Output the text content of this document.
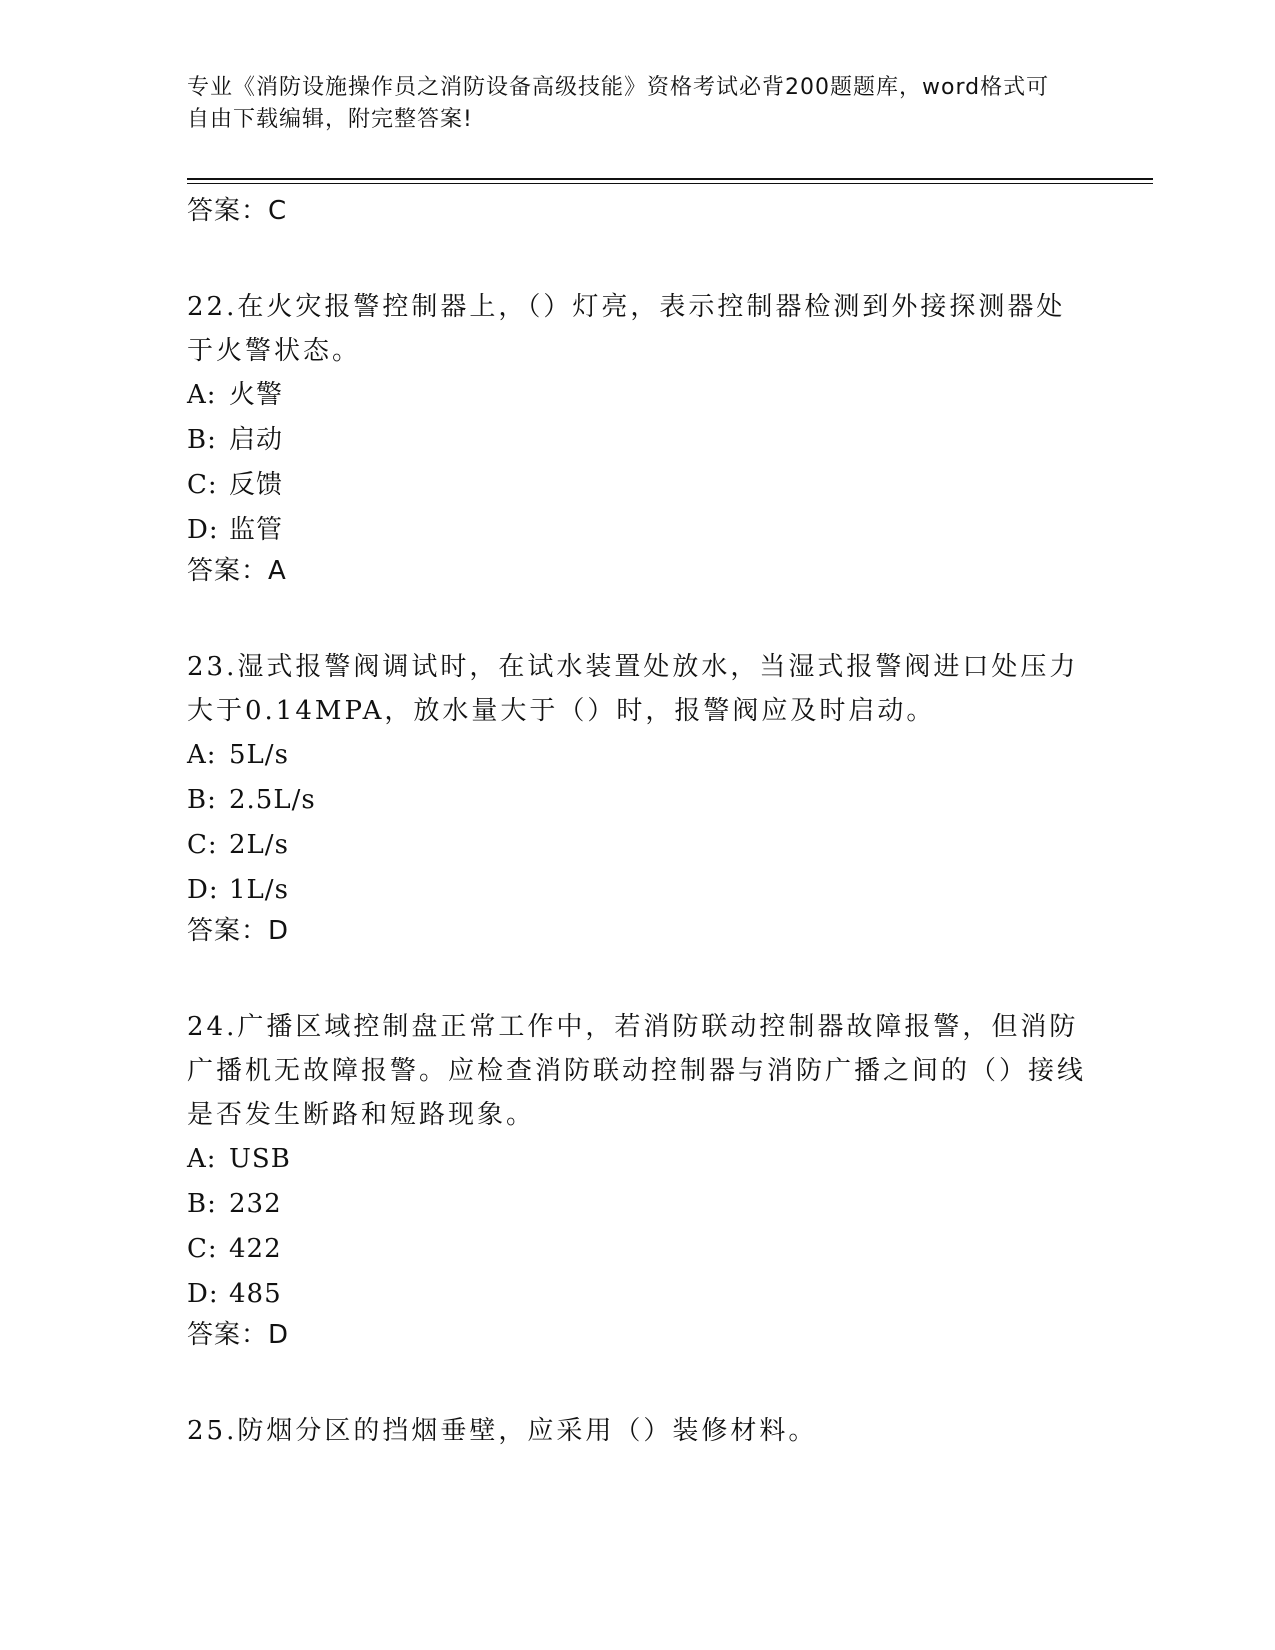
专业《消防设施操作员之消防设备高级技能》资格考试必背200题题库，word格式可自由下载编辑，附完整答案!
答案：C
22.在火灾报警控制器上，（）灯亮，表示控制器检测到外接探测器处于火警状态。
A: 火警
B: 启动
C: 反馈
D: 监管
答案：A
23.湿式报警阀调试时，在试水装置处放水，当湿式报警阀进口处压力大于0.14MPA，放水量大于（）时，报警阀应及时启动。
A: 5L/s
B: 2.5L/s
C: 2L/s
D: 1L/s
答案：D
24.广播区域控制盘正常工作中，若消防联动控制器故障报警，但消防广播机无故障报警。应检查消防联动控制器与消防广播之间的（）接线是否发生断路和短路现象。
A: USB
B: 232
C: 422
D: 485
答案：D
25.防烟分区的挡烟垂壁，应采用（）装修材料。
